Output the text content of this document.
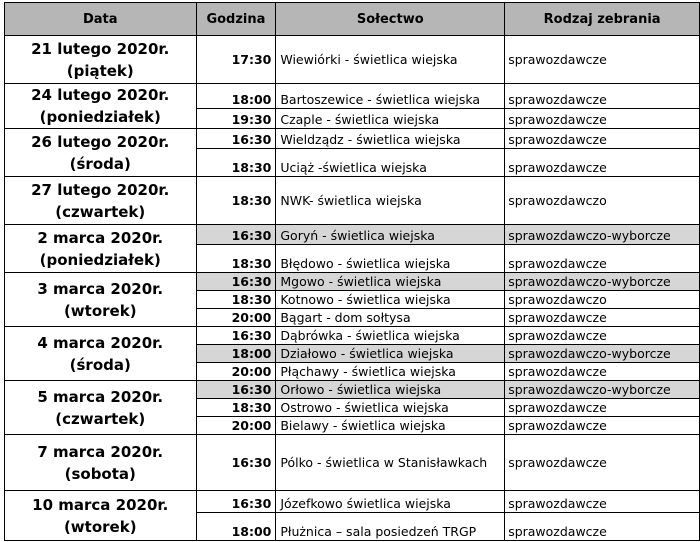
Data	Godzina	Sołectwo	Rodzaj zebrania

21 lutego 2020r.
(piątek)	17:30	Wiewiórki - świetlica wiejska	sprawozdawcze

24 lutego 2020r.
(poniedziałek)	18:00	Bartoszewice - świetlica wiejska	sprawozdawcze
	19:30	Czaple - świetlica wiejska	sprawozdawcze

26 lutego 2020r.
(środa)	16:30	Wieldządz - świetlica wiejska	sprawozdawcze
	18:30	Uciąż -świetlica wiejska	sprawozdawcze

27 lutego 2020r.
(czwartek)	18:30	NWK- świetlica wiejska	sprawozdawczo

2 marca 2020r.
(poniedziałek)	16:30	Goryń - świetlica wiejska	sprawozdawczo-wyborcze
	18:30	Błędowo - świetlica wiejska	sprawozdawcze

3 marca 2020r.
(wtorek)	16:30	Mgowo - świetlica wiejska	sprawozdawczo-wyborcze
	18:30	Kotnowo - świetlica wiejska	sprawozdawczo
	20:00	Bągart - dom sołtysa	sprawozdawcze

4 marca 2020r.
(środa)	16:30	Dąbrówka - świetlica wiejska	sprawozdawcze
	18:00	Działowo - świetlica wiejska	sprawozdawczo-wyborcze
	20:00	Płąchawy - świetlica wiejska	sprawozdawcze

5 marca 2020r.
(czwartek)	16:30	Orłowo - świetlica wiejska	sprawozdawczo-wyborcze
	18:30	Ostrowo - świetlica wiejska	sprawozdawcze
	20:00	Bielawy - świetlica wiejska	sprawozdawcze

7 marca 2020r.
(sobota)	16:30	Pólko - świetlica w Stanisławkach	sprawozdawcze

10 marca 2020r.
(wtorek)	16:30	Józefkowo świetlica wiejska	sprawozdawcze
	18:00	Płużnica – sala posiedzeń TRGP	sprawozdawcze
